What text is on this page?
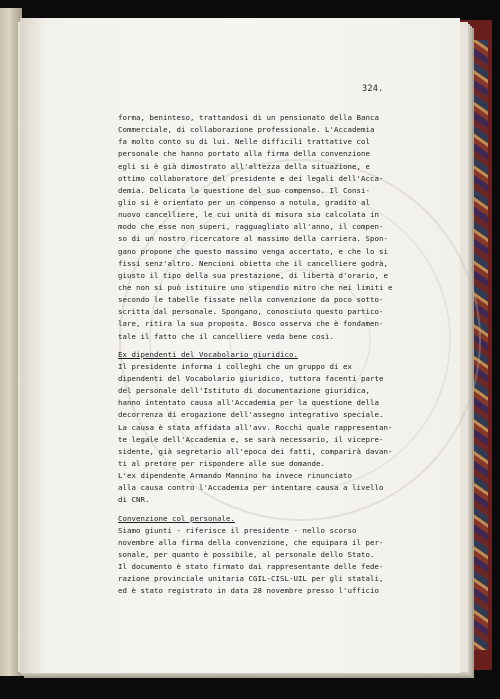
324.
forma, beninteso, trattandosi di un pensionato della Banca
Commerciale, di collaborazione professionale. L'Accademia
fa molto conto su di lui. Nelle difficili trattative col
personale che hanno portato alla firma della convenzione
egli si è già dimostrato all'altezza della situazione, e
ottimo collaboratore del presidente e dei legali dell'Acca-
demia. Delicata la questione del suo compenso. Il Consi-
glio si è orientato per un compenso a notula, gradito al
nuovo cancelliere, le cui unità di misura sia calcolata in
modo che esse non superi, ragguagliato all'anno, il compen-
so di un nostro ricercatore al massimo della carriera. Spon-
gano propone che questo massimo venga accertato, e che lo si
fissi senz'altro. Nencioni obietta che il cancelliere godrà,
giusto il tipo della sua prestazione, di libertà d'orario, e
che non si può istituire uno stipendio mitro che nei limiti e
secondo le tabelle fissate nella convenzione da poco sotto-
scritta dal personale. Spongano, conosciuto questo partico-
lare, ritira la sua proposta. Bosco osserva che è fondamen-
tale il fatto che il cancelliere veda bene così.
Ex dipendenti del Vocabolario giuridico.
Il presidente informa i colleghi che un gruppo di ex
dipendenti del Vocabolario giuridico, tuttora facenti parte
del personale dell'Istituto di documentazione giuridica,
hanno intentato causa all'Accademia per la questione della
decorrenza di erogazione dell'assegno integrativo speciale.
La causa è stata affidata all'avv. Rocchi quale rappresentan-
te legale dell'Accademia e, se sarà necessario, il vicepre-
sidente, già segretario all'epoca dei fatti, comparirà davan-
ti al pretore per rispondere alle sue domande.
L'ex dipendente Armando Mannino ha invece rinunciato
alla causa contro l'Accademia per intentare causa a livello
di CNR.
Convenzione col personale.
Siamo giunti - riferisce il presidente - nello scorso
novembre alla firma della convenzione, che equipara il per-
sonale, per quanto è possibile, al personale dello Stato.
Il documento è stato firmato dai rappresentante delle fede-
razione provinciale unitaria CGIL-CISL-UIL per gli statali,
ed è stato registrato in data 28 novembre presso l'ufficio
